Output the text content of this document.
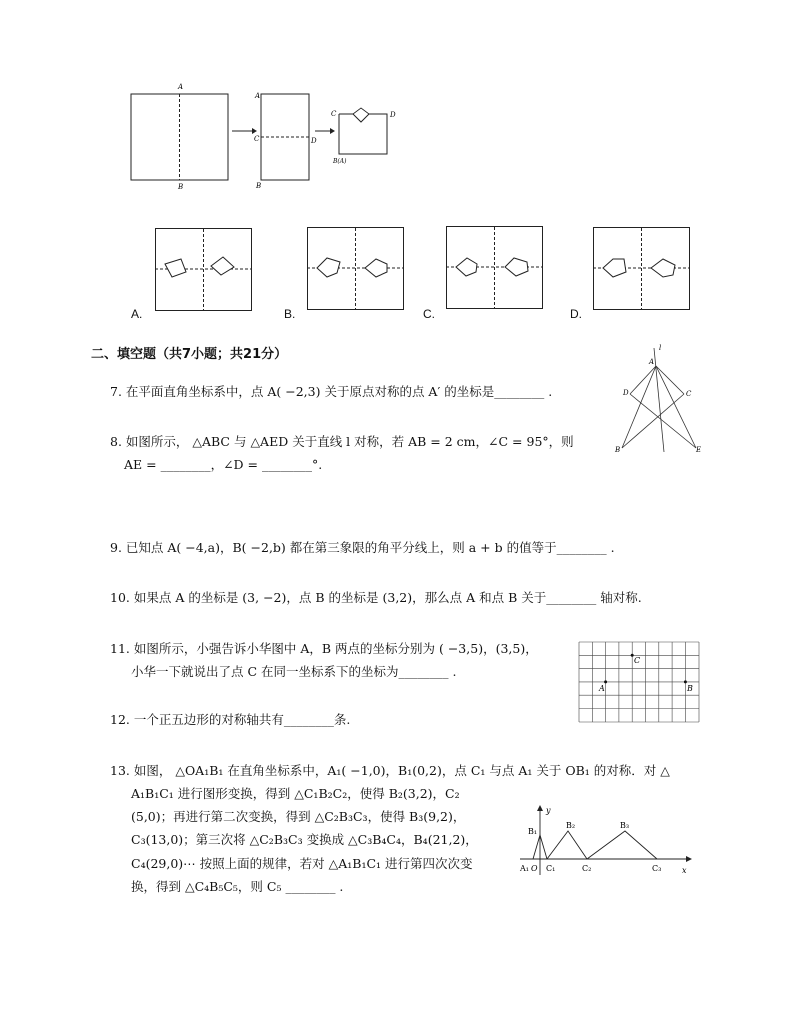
A
B
A
C	D
B
C	D
B(A)
A.	B.	C.	D.
二、填空题（共7小题；共21分）
7. 在平面直角坐标系中，点 A( −2,3) 关于原点对称的点 A′ 的坐标是________ .
8. 如图所示， △ABC 与 △AED 关于直线 l 对称，若 AB = 2 cm，∠C = 95°，则
AE = ________，∠D = ________°.
l
A
D	C
B	E
9. 已知点 A( −4,a)，B( −2,b) 都在第三象限的角平分线上，则 a + b 的值等于________ .
10. 如果点 A 的坐标是 (3, −2)，点 B 的坐标是 (3,2)，那么点 A 和点 B 关于________ 轴对称.
11. 如图所示，小强告诉小华图中 A，B 两点的坐标分别为 ( −3,5)，(3,5)，
小华一下就说出了点 C 在同一坐标系下的坐标为________ .
A	B
C
12. 一个正五边形的对称轴共有________条.
13. 如图， △OA₁B₁ 在直角坐标系中，A₁( −1,0)，B₁(0,2)，点 C₁ 与点 A₁ 关于 OB₁ 的对称．对 △
A₁B₁C₁ 进行图形变换，得到 △C₁B₂C₂，使得 B₂(3,2)，C₂
(5,0)；再进行第二次变换，得到 △C₂B₃C₃，使得 B₃(9,2)，
C₃(13,0)；第三次将 △C₂B₃C₃ 变换成 △C₃B₄C₄，B₄(21,2)，
C₄(29,0)⋯ 按照上面的规律，若对 △A₁B₁C₁ 进行第四次次变
换，得到 △C₄B₅C₅，则 C₅ ________ .
y
x
B₁
B₂	B₃
A₁ O C₁	C₂	C₃
